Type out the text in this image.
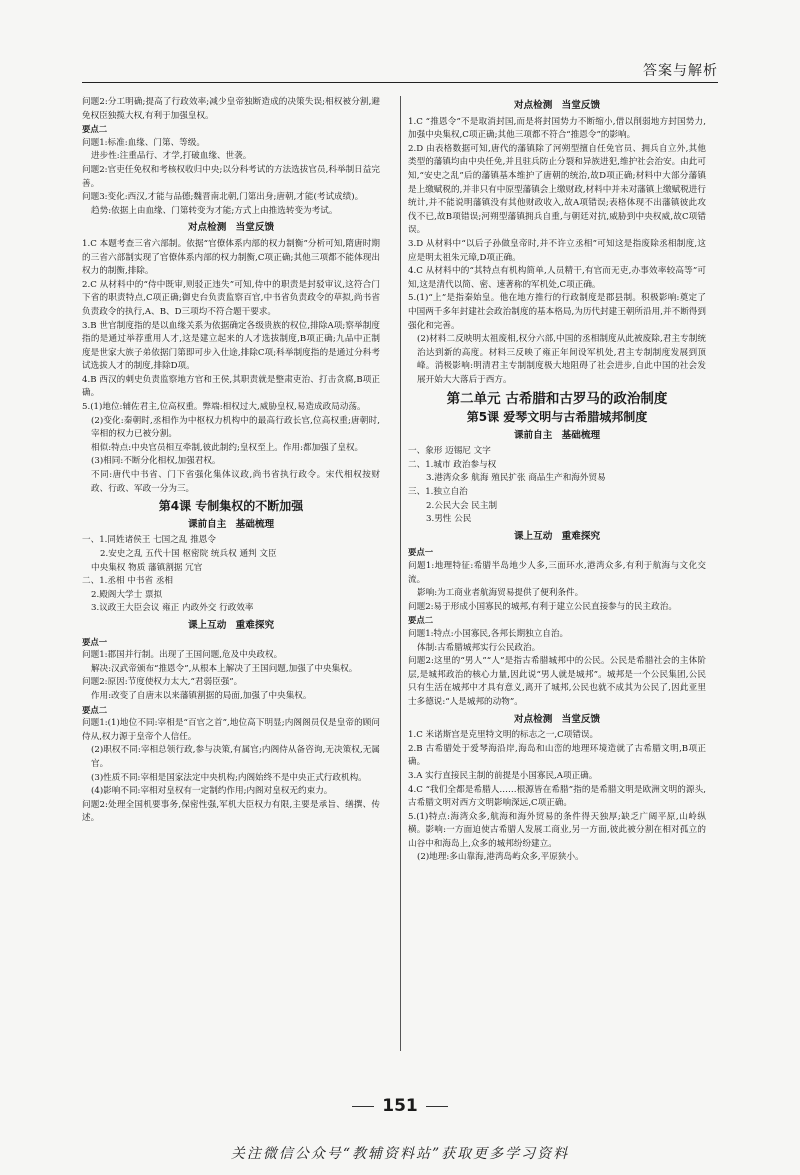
答案与解析

问题2:分工明确;提高了行政效率;减少皇帝独断造成的决策失误;相权被分割,避免权臣独揽大权,有利于加强皇权。

要点二

问题1:标准:血缘、门第、等级。

进步性:注重品行、才学,打破血缘、世袭。

问题2:官吏任免权和考核权收归中央;以分科考试的方法选拔官员,科举制日益完善。

问题3:变化:西汉,才能与品德;魏晋南北朝,门第出身;唐朝,才能(考试成绩)。

趋势:依据上由血缘、门第转变为才能;方式上由推选转变为考试。

对点检测 当堂反馈

1.C 本题考查三省六部制。依据“官僚体系内部的权力制衡”分析可知,隋唐时期的三省六部制实现了官僚体系内部的权力制衡,C项正确;其他三项都不能体现出权力的制衡,排除。

2.C 从材料中的“侍中既审,则驳正违失”可知,侍中的职责是封驳审议,这符合门下省的职责特点,C项正确;御史台负责监察百官,中书省负责政令的草拟,尚书省负责政令的执行,A、B、D三项均不符合题干要求。

3.B 世官制度指的是以血缘关系为依据确定各级贵族的权位,排除A项;察举制度指的是通过举荐重用人才,这是建立起来的人才选拔制度,B项正确;九品中正制度是世家大族子弟依据门第即可步入仕途,排除C项;科举制度指的是通过分科考试选拔人才的制度,排除D项。

4.B 西汉的刺史负责监察地方官和王侯,其职责就是整肃吏治、打击贪腐,B项正确。

5.(1)地位:辅佐君主,位高权重。弊端:相权过大,威胁皇权,易造成政局动荡。

(2)变化:秦朝时,丞相作为中枢权力机构中的最高行政长官,位高权重;唐朝时,宰相的权力已被分割。

相似:特点:中央官员相互牵制,彼此制约;皇权至上。作用:都加强了皇权。

(3)相同:不断分化相权,加强君权。

不同:唐代中书省、门下省强化集体议政,尚书省执行政令。宋代相权按财政、行政、军政一分为三。

第4课 专制集权的不断加强

课前自主 基础梳理

一、1.同姓诸侯王 七国之乱 推恩令

2.安史之乱 五代十国 枢密院 统兵权 通判 文臣

中央集权 物质 藩镇割据 冗官

二、1.丞相 中书省 丞相

2.殿阁大学士 票拟

3.议政王大臣会议 雍正 内政外交 行政效率

课上互动 重难探究

要点一

问题1:郡国并行制。出现了王国问题,危及中央政权。

解决:汉武帝颁布“推恩令”,从根本上解决了王国问题,加强了中央集权。

问题2:原因:节度使权力太大,“君弱臣强”。

作用:改变了自唐末以来藩镇割据的局面,加强了中央集权。

要点二

问题1:(1)地位不同:宰相是“百官之首”,地位高下明显;内阁阁员仅是皇帝的顾问侍从,权力源于皇帝个人信任。

(2)职权不同:宰相总领行政,参与决策,有属官;内阁侍从备咨询,无决策权,无属官。

(3)性质不同:宰相是国家法定中央机构;内阁始终不是中央正式行政机构。

(4)影响不同:宰相对皇权有一定制约作用;内阁对皇权无约束力。

问题2:处理全国机要事务,保密性强,军机大臣权力有限,主要是承旨、缮撰、传述。

对点检测 当堂反馈

1.C “推恩令”不是取消封国,而是将封国势力不断缩小,借以削弱地方封国势力,加强中央集权,C项正确;其他三项都不符合“推恩令”的影响。

2.D 由表格数据可知,唐代的藩镇除了河朔型擅自任免官员、拥兵自立外,其他类型的藩镇均由中央任免,并且驻兵防止分裂和异族进犯,维护社会治安。由此可知,“安史之乱”后的藩镇基本维护了唐朝的统治,故D项正确;材料中大部分藩镇是上缴赋税的,并非只有中原型藩镇会上缴财政,材料中并未对藩镇上缴赋税进行统计,并不能说明藩镇没有其他财政收入,故A项错误;表格体现不出藩镇彼此攻伐不已,故B项错误;河朔型藩镇拥兵自重,与朝廷对抗,威胁到中央权威,故C项错误。

3.D 从材料中“以后子孙做皇帝时,并不许立丞相”可知这是指废除丞相制度,这应是明太祖朱元璋,D项正确。

4.C 从材料中的“其特点有机构简单,人员精干,有官而无吏,办事效率较高等”可知,这是清代以简、密、速著称的军机处,C项正确。

5.(1)“上”是指秦始皇。他在地方推行的行政制度是郡县制。积极影响:奠定了中国两千多年封建社会政治制度的基本格局,为历代封建王朝所沿用,并不断得到强化和完善。

(2)材料二反映明太祖废相,权分六部,中国的丞相制度从此被废除,君主专制统治达到新的高度。材料三反映了雍正年间设军机处,君主专制制度发展到顶峰。消极影响:明清君主专制制度极大地阻碍了社会进步,自此中国的社会发展开始大大落后于西方。

第二单元 古希腊和古罗马的政治制度

第5课 爱琴文明与古希腊城邦制度

课前自主 基础梳理

一、象形 迈锡尼 文字

二、1.城市 政治参与权

3.港湾众多 航海 殖民扩张 商品生产和海外贸易

三、1.独立自治

2.公民大会 民主制

3.男性 公民

课上互动 重难探究

要点一

问题1:地理特征:希腊半岛地少人多,三面环水,港湾众多,有利于航海与文化交流。

影响:为工商业者航海贸易提供了便利条件。

问题2:易于形成小国寡民的城邦,有利于建立公民直接参与的民主政治。

要点二

问题1:特点:小国寡民,各邦长期独立自治。

体制:古希腊城邦实行公民政治。

问题2:这里的“男人”“人”是指古希腊城邦中的公民。公民是希腊社会的主体阶层,是城邦政治的核心力量,因此说“男人就是城邦”。城邦是一个公民集团,公民只有生活在城邦中才具有意义,离开了城邦,公民也就不成其为公民了,因此亚里士多德说:“人是城邦的动物”。

对点检测 当堂反馈

1.C 米诺斯宫是克里特文明的标志之一,C项错误。

2.B 古希腊处于爱琴海沿岸,海岛和山峦的地理环境造就了古希腊文明,B项正确。

3.A 实行直接民主制的前提是小国寡民,A项正确。

4.C “我们全都是希腊人……根源皆在希腊”指的是希腊文明是欧洲文明的源头,古希腊文明对西方文明影响深远,C项正确。

5.(1)特点:海湾众多,航海和海外贸易的条件得天独厚;缺乏广阔平原,山岭纵横。影响:一方面迫使古希腊人发展工商业,另一方面,彼此被分割在相对孤立的山谷中和海岛上,众多的城邦纷纷建立。

(2)地理:多山靠海,港湾岛屿众多,平原狭小。

151
关注微信公众号“教辅资料站”获取更多学习资料
